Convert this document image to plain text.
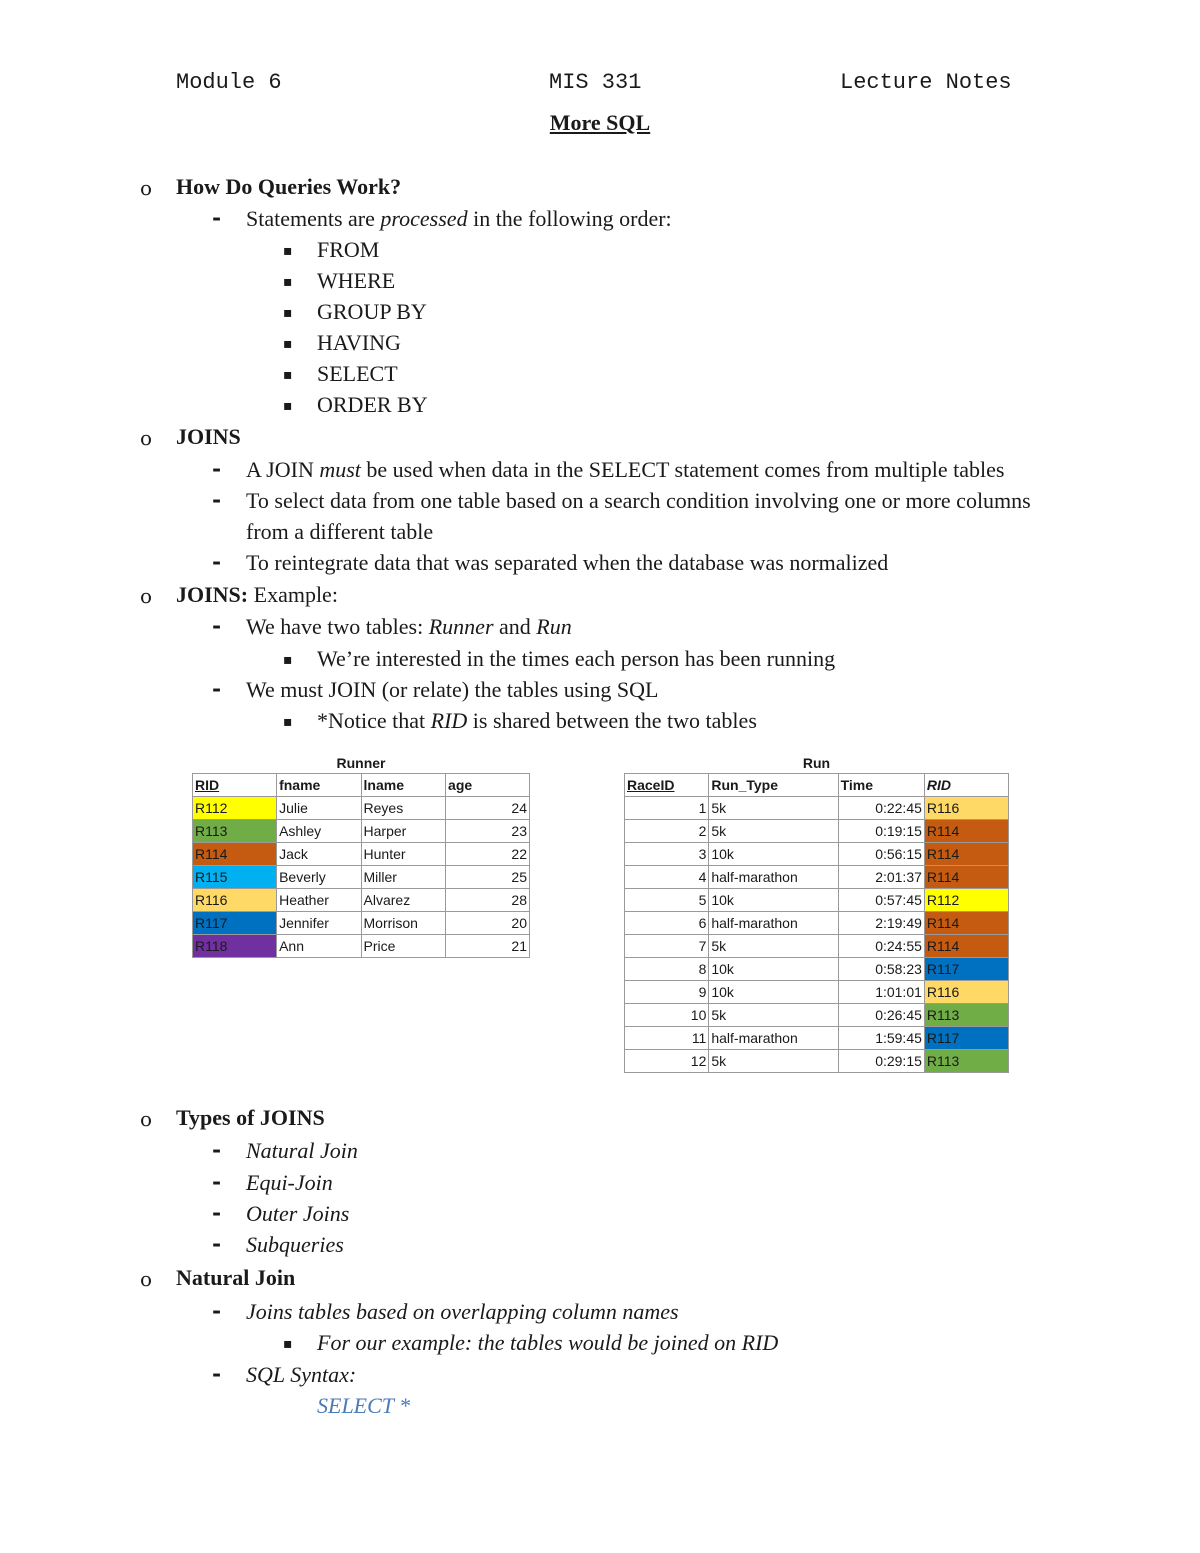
Module 6	MIS 331	Lecture Notes
More SQL
o How Do Queries Work?
- Statements are processed in the following order:
▪ FROM
▪ WHERE
▪ GROUP BY
▪ HAVING
▪ SELECT
▪ ORDER BY
o JOINS
- A JOIN must be used when data in the SELECT statement comes from multiple tables
- To select data from one table based on a search condition involving one or more columns
from a different table
- To reintegrate data that was separated when the database was normalized
o JOINS: Example:
- We have two tables: Runner and Run
▪ We’re interested in the times each person has been running
- We must JOIN (or relate) the tables using SQL
▪ *Notice that RID is shared between the two tables
Runner
RID	fname	lname	age
R112	Julie	Reyes	24
R113	Ashley	Harper	23
R114	Jack	Hunter	22
R115	Beverly	Miller	25
R116	Heather	Alvarez	28
R117	Jennifer	Morrison	20
R118	Ann	Price	21
Run
RaceID	Run_Type	Time	RID
1	5k	0:22:45	R116
2	5k	0:19:15	R114
3	10k	0:56:15	R114
4	half-marathon	2:01:37	R114
5	10k	0:57:45	R112
6	half-marathon	2:19:49	R114
7	5k	0:24:55	R114
8	10k	0:58:23	R117
9	10k	1:01:01	R116
10	5k	0:26:45	R113
11	half-marathon	1:59:45	R117
12	5k	0:29:15	R113
o Types of JOINS
- Natural Join
- Equi-Join
- Outer Joins
- Subqueries
o Natural Join
- Joins tables based on overlapping column names
▪ For our example: the tables would be joined on RID
- SQL Syntax:
SELECT *
